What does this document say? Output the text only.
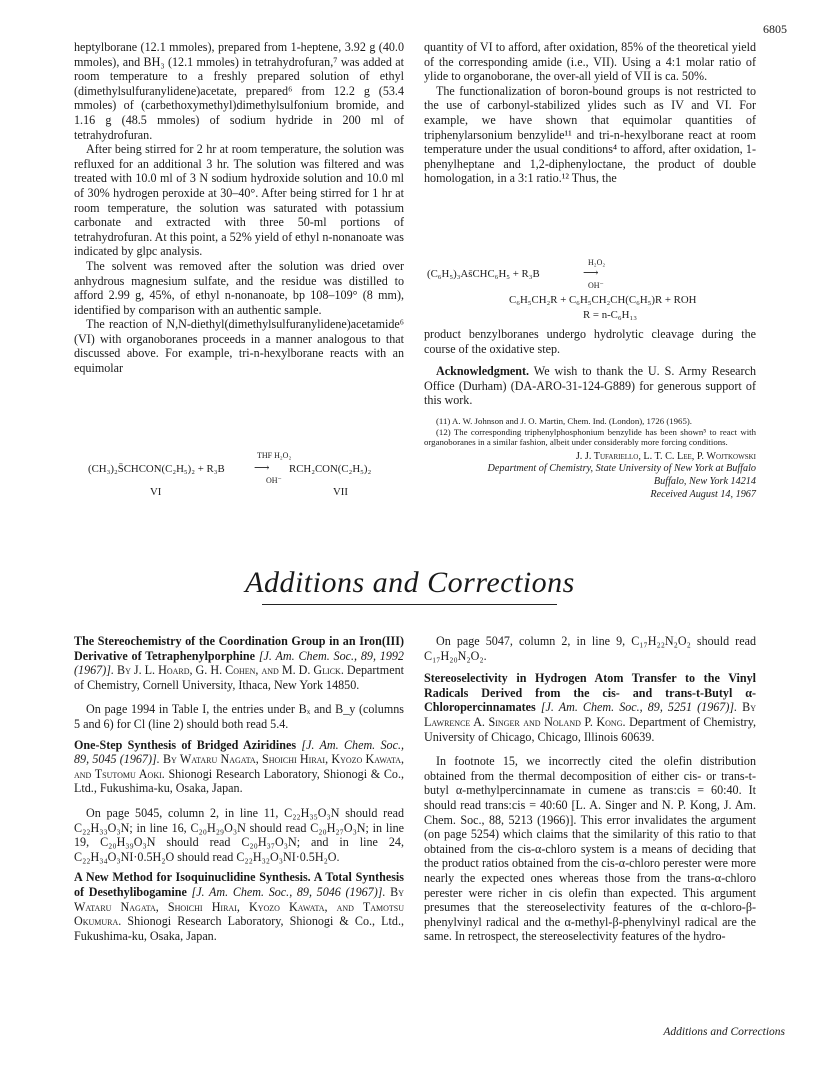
6805

heptylborane (12.1 mmoles), prepared from 1-heptene, 3.92 g (40.0 mmoles), and BH₃ (12.1 mmoles) in tetrahydrofuran,⁷ was added at room temperature to a freshly prepared solution of ethyl (dimethylsulfuranylidene)acetate, prepared⁶ from 12.2 g (53.4 mmoles) of (carbethoxymethyl)dimethylsulfonium bromide, and 1.16 g (48.5 mmoles) of sodium hydride in 200 ml of tetrahydrofuran.

After being stirred for 2 hr at room temperature, the solution was refluxed for an additional 3 hr. The solution was filtered and was treated with 10.0 ml of 3 N sodium hydroxide solution and 10.0 ml of 30% hydrogen peroxide at 30–40°. After being stirred for 1 hr at room temperature, the solution was saturated with potassium carbonate and extracted with three 50-ml portions of tetrahydrofuran. At this point, a 52% yield of ethyl n-nonanoate was indicated by glpc analysis.

The solvent was removed after the solution was dried over anhydrous magnesium sulfate, and the residue was distilled to afford 2.99 g, 45%, of ethyl n-nonanoate, bp 108–109° (8 mm), identified by comparison with an authentic sample.

The reaction of N,N-diethyl(dimethylsulfuranylidene)acetamide⁶ (VI) with organoboranes proceeds in a manner analogous to that discussed above. For example, tri-n-hexylborane reacts with an equimolar

(CH₃)₂S̄CHCON(C₂H₅)₂ + R₃B
THF H₂O₂
⟶
OH⁻
RCH₂CON(C₂H₅)₂
VI	VII

quantity of VI to afford, after oxidation, 85% of the theoretical yield of the corresponding amide (i.e., VII). Using a 4:1 molar ratio of ylide to organoborane, the over-all yield of VII is ca. 50%.

The functionalization of boron-bound groups is not restricted to the use of carbonyl-stabilized ylides such as IV and VI. For example, we have shown that equimolar quantities of triphenylarsonium benzylide¹¹ and tri-n-hexylborane react at room temperature under the usual conditions⁴ to afford, after oxidation, 1-phenylheptane and 1,2-diphenyloctane, the product of double homologation, in a 3:1 ratio.¹² Thus, the

H₂O₂
(C₆H₅)₃As̄CHC₆H₅ + R₃B	⟶
OH⁻
C₆H₅CH₂R + C₆H₅CH₂CH(C₆H₅)R + ROH
R = n-C₆H₁₃

product benzylboranes undergo hydrolytic cleavage during the course of the oxidative step.

Acknowledgment. We wish to thank the U. S. Army Research Office (Durham) (DA-ARO-31-124-G889) for generous support of this work.

(11) A. W. Johnson and J. O. Martin, Chem. Ind. (London), 1726 (1965).

(12) The corresponding triphenylphosphonium benzylide has been shown⁵ to react with organoboranes in a similar fashion, albeit under considerably more forcing conditions.

J. J. Tufariello, L. T. C. Lee, P. Wojtkowski
Department of Chemistry, State University of New York at Buffalo
Buffalo, New York 14214
Received August 14, 1967
Additions and Corrections

The Stereochemistry of the Coordination Group in an Iron(III) Derivative of Tetraphenylporphine [J. Am. Chem. Soc., 89, 1992 (1967)]. By J. L. Hoard, G. H. Cohen, and M. D. Glick. Department of Chemistry, Cornell University, Ithaca, New York 14850.

On page 1994 in Table I, the entries under Bₓ and B_y (columns 5 and 6) for Cl (line 2) should both read 5.4.

One-Step Synthesis of Bridged Aziridines [J. Am. Chem. Soc., 89, 5045 (1967)]. By Wataru Nagata, Shoichi Hirai, Kyozo Kawata, and Tsutomu Aoki. Shionogi Research Laboratory, Shionogi & Co., Ltd., Fukushima-ku, Osaka, Japan.

On page 5045, column 2, in line 11, C₂₂H₃₅O₃N should read C₂₂H₃₃O₃N; in line 16, C₂₀H₂₉O₃N should read C₂₀H₂₇O₃N; in line 19, C₂₀H₃₉O₃N should read C₂₀H₃₇O₃N; and in line 24, C₂₂H₃₄O₃NI·0.5H₂O should read C₂₂H₃₂O₃NI·0.5H₂O.

A New Method for Isoquinuclidine Synthesis. A Total Synthesis of Desethylibogamine [J. Am. Chem. Soc., 89, 5046 (1967)]. By Wataru Nagata, Shoichi Hirai, Kyozo Kawata, and Tamotsu Okumura. Shionogi Research Laboratory, Shionogi & Co., Ltd., Fukushima-ku, Osaka, Japan.

On page 5047, column 2, in line 9, C₁₇H₂₂N₂O₂ should read C₁₇H₂₀N₂O₂.

Stereoselectivity in Hydrogen Atom Transfer to the Vinyl Radicals Derived from the cis- and trans-t-Butyl α-Chloropercinnamates [J. Am. Chem. Soc., 89, 5251 (1967)]. By Lawrence A. Singer and Noland P. Kong. Department of Chemistry, University of Chicago, Chicago, Illinois 60639.

In footnote 15, we incorrectly cited the olefin distribution obtained from the thermal decomposition of either cis- or trans-t-butyl α-methylpercinnamate in cumene as trans:cis = 60:40. It should read trans:cis = 40:60 [L. A. Singer and N. P. Kong, J. Am. Chem. Soc., 88, 5213 (1966)]. This error invalidates the argument (on page 5254) which claims that the similarity of this ratio to that obtained from the cis-α-chloro system is a means of deciding that the product ratios obtained from the cis-α-chloro perester were more nearly the expected ones whereas those from the trans-α-chloro perester were richer in cis olefin than expected. This argument presumes that the stereoselectivity features of the α-chloro-β-phenylvinyl radical and the α-methyl-β-phenylvinyl radical are the same. In retrospect, the stereoselectivity features of the hydro-

Additions and Corrections
